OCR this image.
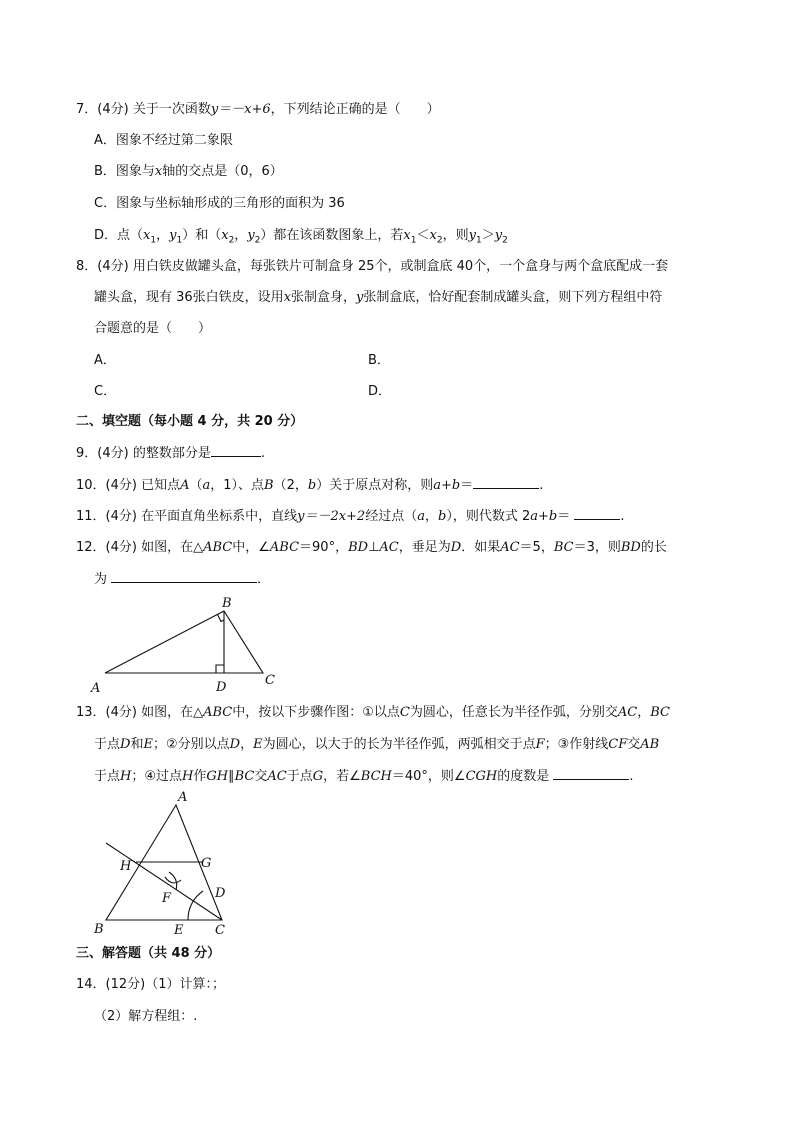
7．(4分) 关于一次函数y＝－x+6，下列结论正确的是（　　）
A．图象不经过第二象限
B．图象与x轴的交点是（0，6）
C．图象与坐标轴形成的三角形的面积为 36
D．点（$x_1$，$y_1$）和（$x_2$，$y_2$）都在该函数图象上，若$x_1<x_2$，则$y_1>y_2$
8．(4分) 用白铁皮做罐头盒，每张铁片可制盒身 25个，或制盒底 40个，一个盒身与两个盒底配成一套
罐头盒，现有 36张白铁皮，设用x张制盒身，y张制盒底，恰好配套制成罐头盒，则下列方程组中符
合题意的是（　　）
A．	B．
C．	D．
二、填空题（每小题 4 分，共 20 分）
9．(4分) 的整数部分是	.
10．(4分) 已知点A（a，1）、点B（2，b）关于原点对称，则a+b＝	.
11．(4分) 在平面直角坐标系中，直线y＝－2x+2经过点（a，b），则代数式 2a+b＝	.
12．(4分) 如图，在△ABC中，∠ABC＝90°，BD⊥AC，垂足为D．如果AC＝5，BC＝3，则BD的长
为	．
A
B
C
D
13．(4分) 如图，在△ABC中，按以下步骤作图：①以点C为圆心，任意长为半径作弧，分别交AC，BC
于点D和E；②分别以点D，E为圆心，以大于的长为半径作弧，两弧相交于点F；③作射线CF交AB
于点H；④过点H作GH∥BC交AC于点G，若∠BCH＝40°，则∠CGH的度数是	.
A
B	C
D
E
F
G
H
三、解答题（共 48 分）
14．(12分)（1）计算：；
（2）解方程组：.
